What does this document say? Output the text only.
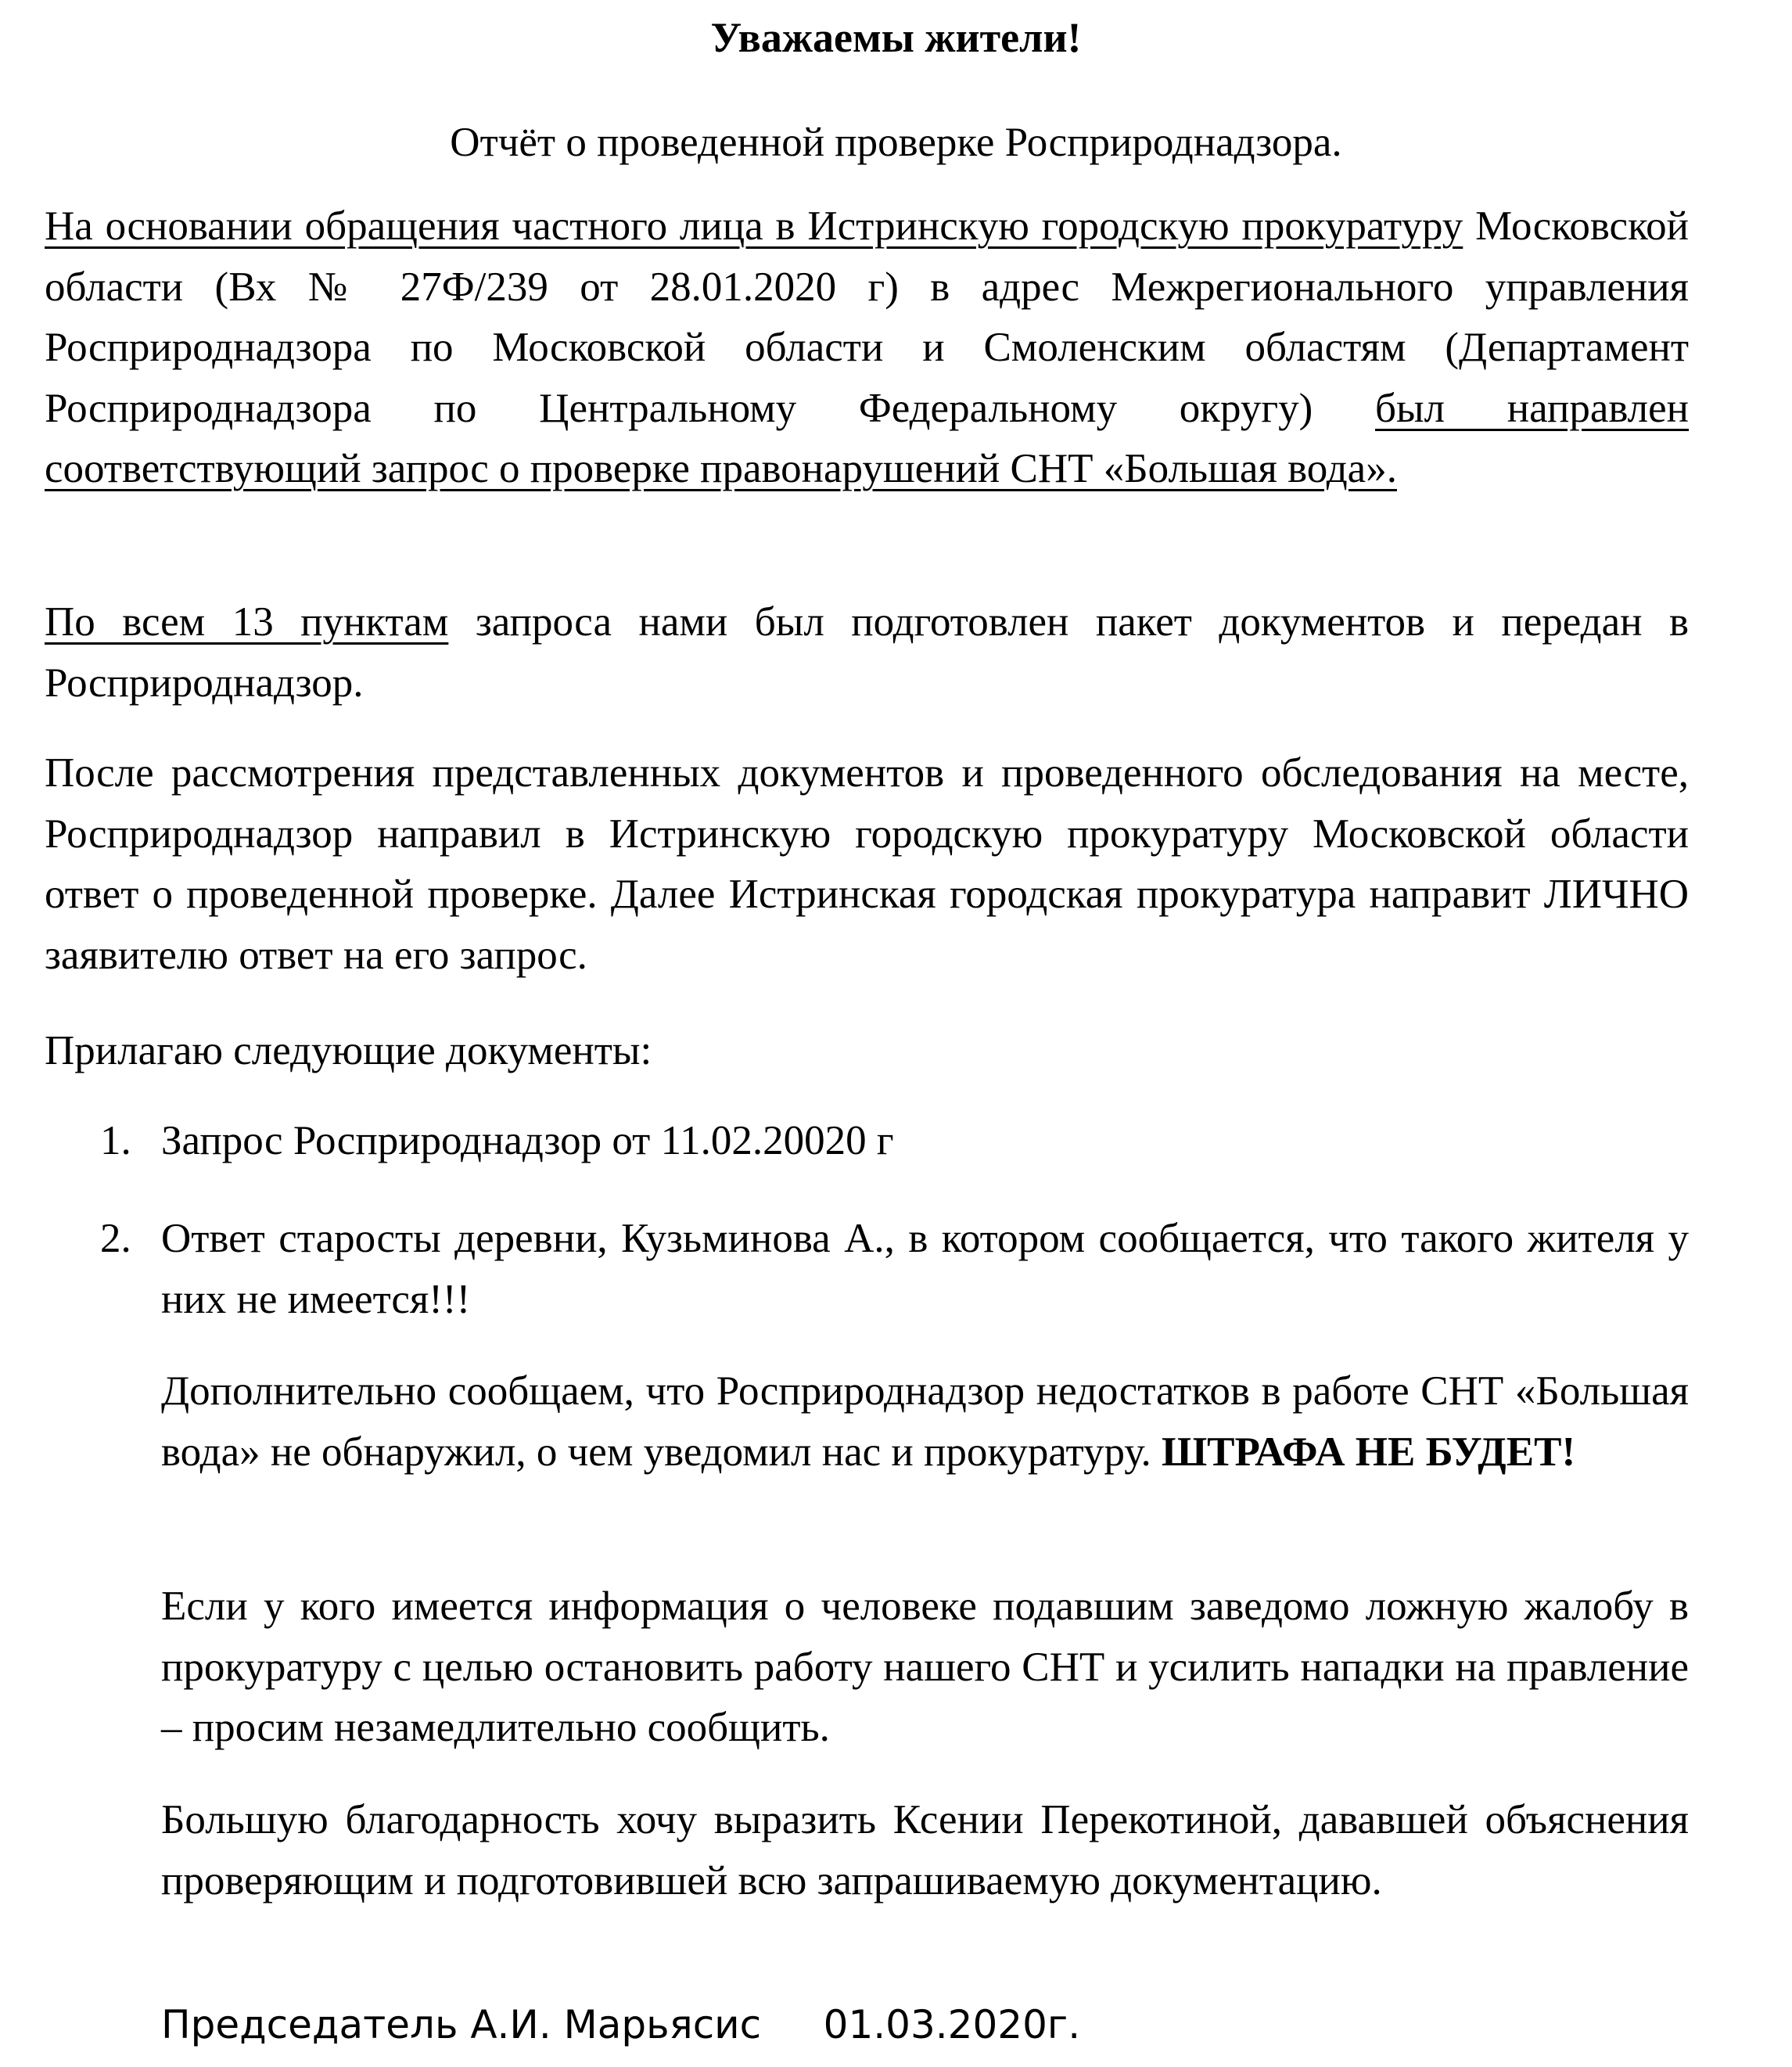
Уважаемы жители!

Отчёт о проведенной проверке Росприроднадзора.

На основании обращения частного лица в Истринскую городскую прокуратуру Московской области (Вх № 27Ф/239 от 28.01.2020 г) в адрес Межрегионального управления Росприроднадзора по Московской области и Смоленским областям (Департамент Росприроднадзора по Центральному Федеральному округу) был направлен соответствующий запрос о проверке правонарушений СНТ «Большая вода».

По всем 13 пунктам запроса нами был подготовлен пакет документов и передан в Росприроднадзор.

После рассмотрения представленных документов и проведенного обследования на месте, Росприроднадзор направил в Истринскую городскую прокуратуру Московской области ответ о проведенной проверке. Далее Истринская городская прокуратура направит ЛИЧНО заявителю ответ на его запрос.

Прилагаю следующие документы:

1. Запрос Росприроднадзор от 11.02.20020 г

2. Ответ старосты деревни, Кузьминова А., в котором сообщается, что такого жителя у них не имеется!!!

Дополнительно сообщаем, что Росприроднадзор недостатков в работе СНТ «Большая вода» не обнаружил, о чем уведомил нас и прокуратуру. ШТРАФА НЕ БУДЕТ!

Если у кого имеется информация о человеке подавшим заведомо ложную жалобу в прокуратуру с целью остановить работу нашего СНТ и усилить нападки на правление – просим незамедлительно сообщить.

Большую благодарность хочу выразить Ксении Перекотиной, дававшей объяснения проверяющим и подготовившей всю запрашиваемую документацию.

Председатель А.И. Марьясис 01.03.2020г.
